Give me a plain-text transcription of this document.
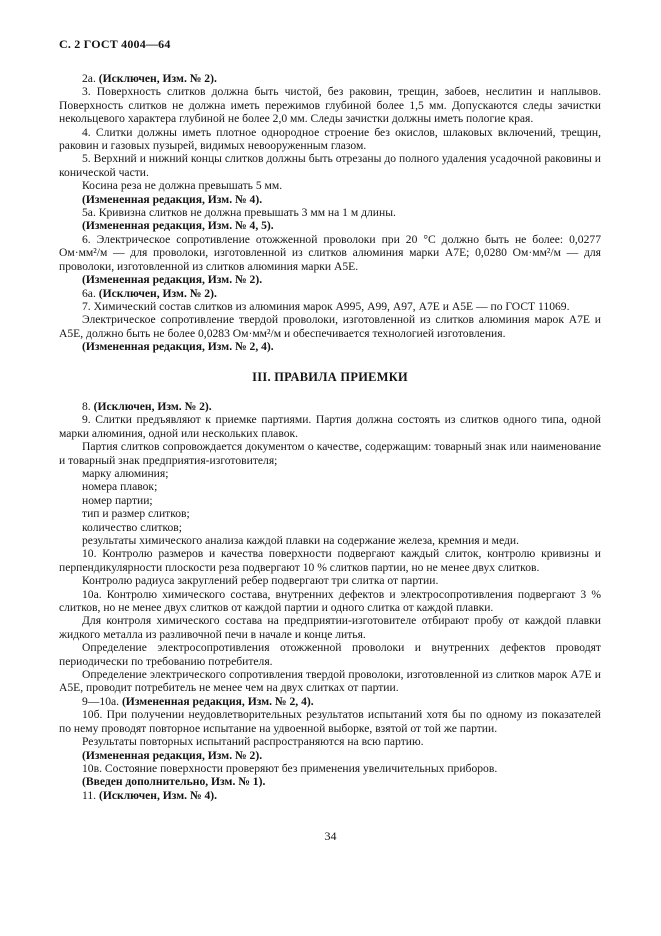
С. 2 ГОСТ 4004—64

2а. (Исключен, Изм. № 2).

3. Поверхность слитков должна быть чистой, без раковин, трещин, забоев, неслитин и наплывов. Поверхность слитков не должна иметь пережимов глубиной более 1,5 мм. Допускаются следы зачистки некольцевого характера глубиной не более 2,0 мм. Следы зачистки должны иметь пологие края.

4. Слитки должны иметь плотное однородное строение без окислов, шлаковых включений, трещин, раковин и газовых пузырей, видимых невооруженным глазом.

5. Верхний и нижний концы слитков должны быть отрезаны до полного удаления усадочной раковины и конической части.

Косина реза не должна превышать 5 мм.

(Измененная редакция, Изм. № 4).

5а. Кривизна слитков не должна превышать 3 мм на 1 м длины.

(Измененная редакция, Изм. № 4, 5).

6. Электрическое сопротивление отожженной проволоки при 20 °С должно быть не более: 0,0277 Ом·мм²/м — для проволоки, изготовленной из слитков алюминия марки А7Е; 0,0280 Ом·мм²/м — для проволоки, изготовленной из слитков алюминия марки А5Е.

(Измененная редакция, Изм. № 2).

6а. (Исключен, Изм. № 2).

7. Химический состав слитков из алюминия марок А995, А99, А97, А7Е и А5Е — по ГОСТ 11069.

Электрическое сопротивление твердой проволоки, изготовленной из слитков алюминия марок А7Е и А5Е, должно быть не более 0,0283 Ом·мм²/м и обеспечивается технологией изготовления.

(Измененная редакция, Изм. № 2, 4).

III. ПРАВИЛА ПРИЕМКИ

8. (Исключен, Изм. № 2).

9. Слитки предъявляют к приемке партиями. Партия должна состоять из слитков одного типа, одной марки алюминия, одной или нескольких плавок.

Партия слитков сопровождается документом о качестве, содержащим: товарный знак или наименование и товарный знак предприятия-изготовителя;

марку алюминия;

номера плавок;

номер партии;

тип и размер слитков;

количество слитков;

результаты химического анализа каждой плавки на содержание железа, кремния и меди.

10. Контролю размеров и качества поверхности подвергают каждый слиток, контролю кривизны и перпендикулярности плоскости реза подвергают 10 % слитков партии, но не менее двух слитков.

Контролю радиуса закруглений ребер подвергают три слитка от партии.

10а. Контролю химического состава, внутренних дефектов и электросопротивления подвергают 3 % слитков, но не менее двух слитков от каждой партии и одного слитка от каждой плавки.

Для контроля химического состава на предприятии-изготовителе отбирают пробу от каждой плавки жидкого металла из разливочной печи в начале и конце литья.

Определение электросопротивления отожженной проволоки и внутренних дефектов проводят периодически по требованию потребителя.

Определение электрического сопротивления твердой проволоки, изготовленной из слитков марок А7Е и А5Е, проводит потребитель не менее чем на двух слитках от партии.

9—10а. (Измененная редакция, Изм. № 2, 4).

10б. При получении неудовлетворительных результатов испытаний хотя бы по одному из показателей по нему проводят повторное испытание на удвоенной выборке, взятой от той же партии.

Результаты повторных испытаний распространяются на всю партию.

(Измененная редакция, Изм. № 2).

10в. Состояние поверхности проверяют без применения увеличительных приборов.

(Введен дополнительно, Изм. № 1).

11. (Исключен, Изм. № 4).

34
